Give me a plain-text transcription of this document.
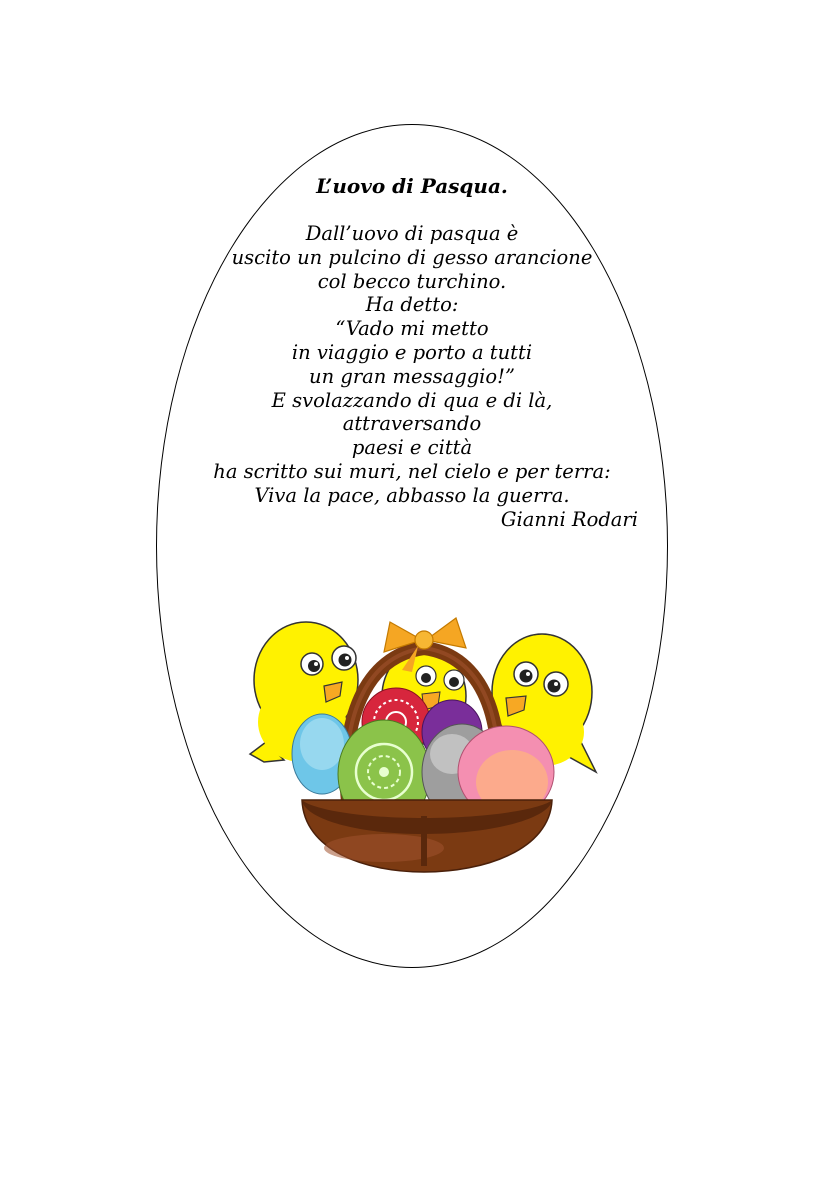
L’uovo di Pasqua.
Dall’uovo di pasqua è
uscito un pulcino di gesso arancione
col becco turchino.
Ha detto:
“Vado mi metto
in viaggio e porto a tutti
un gran messaggio!”
E svolazzando di qua e di là,
attraversando
paesi e città
ha scritto sui muri, nel cielo e per terra:
Viva la pace, abbasso la guerra.
Gianni Rodari
